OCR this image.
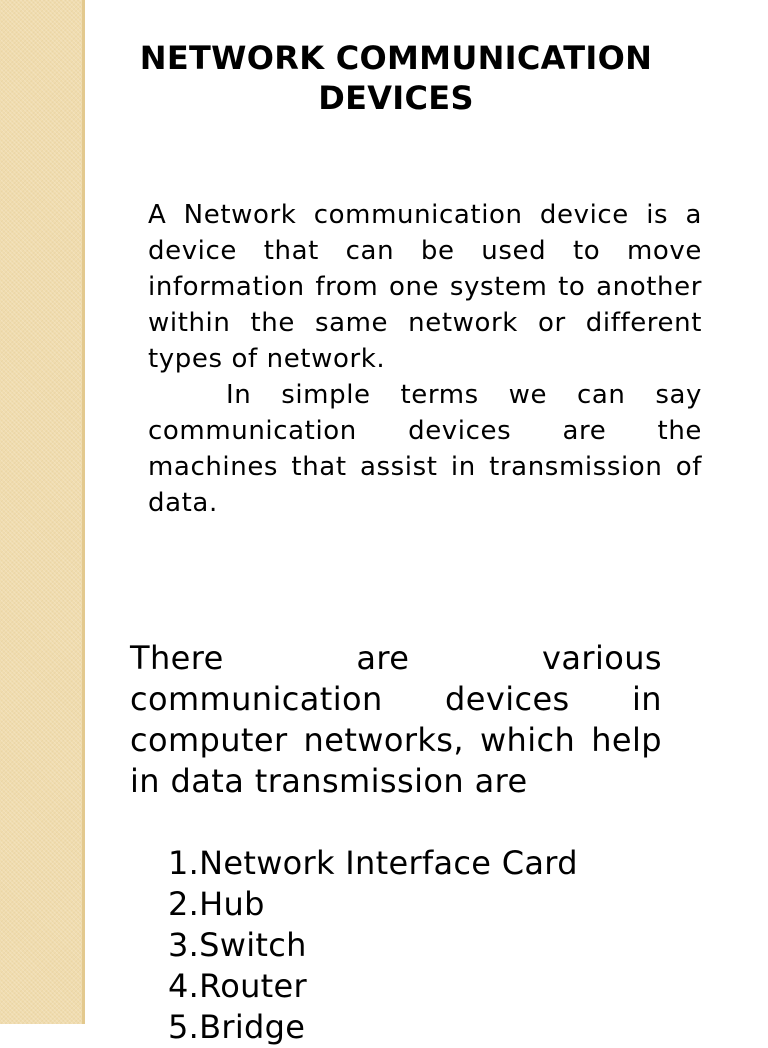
NETWORK COMMUNICATION
DEVICES

A Network communication device is a device that can be used to move information from one system to another within the same network or different types of network.

In simple terms we can say communication devices are the machines that assist in transmission of data.

There are various communication devices in computer networks, which help in data transmission are

1.Network Interface Card
2.Hub
3.Switch
4.Router
5.Bridge
